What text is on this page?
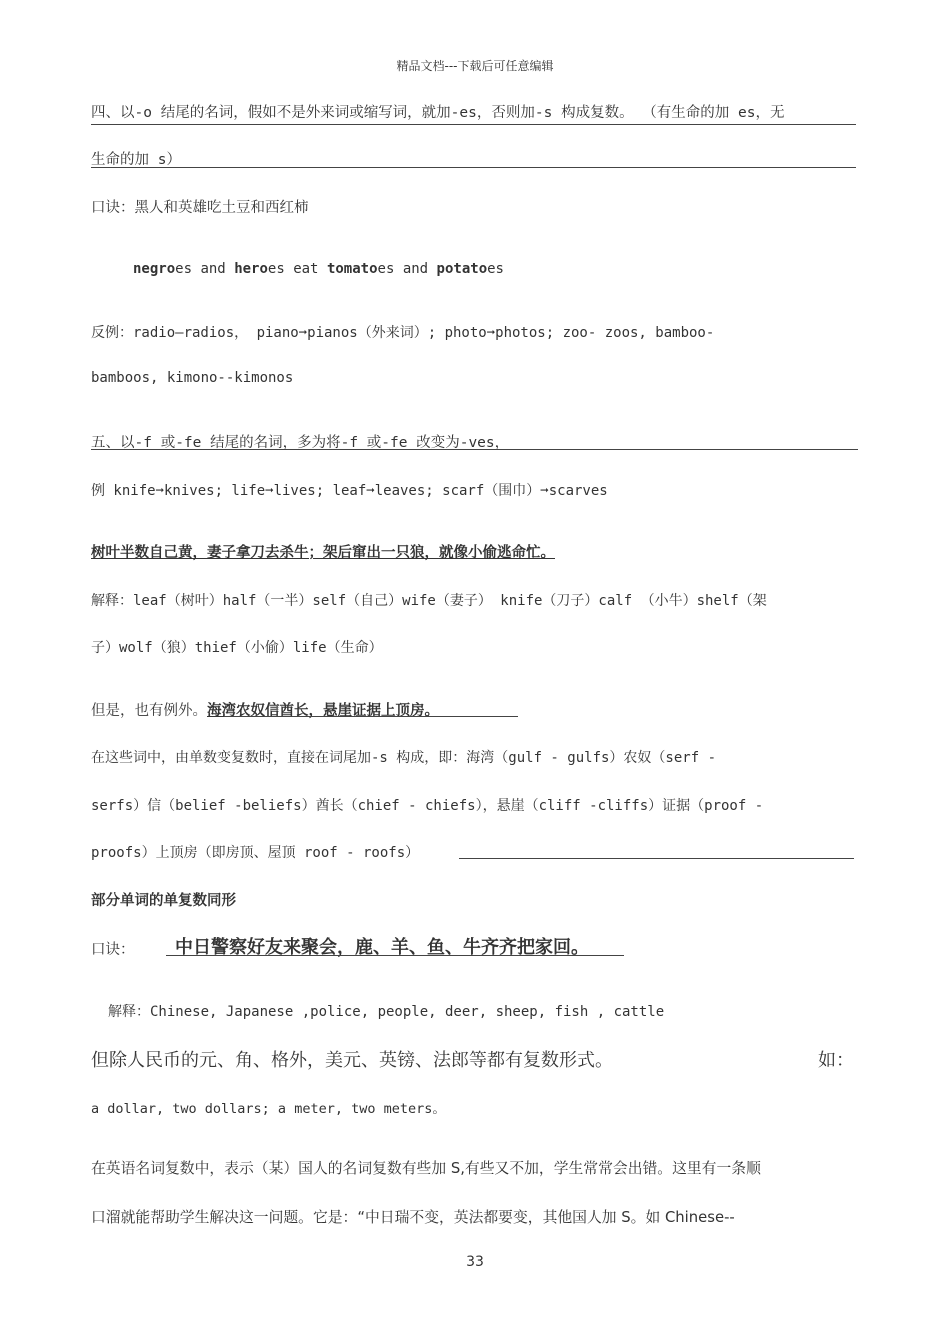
精品文档---下载后可任意编辑
四、以-o 结尾的名词，假如不是外来词或缩写词，就加-es，否则加-s 构成复数。 （有生命的加 es，无
生命的加 s）
口诀：黑人和英雄吃土豆和西红柿
negroes and heroes eat tomatoes and potatoes
反例：radio—radios， piano➞pianos（外来词）; photo➞photos; zoo- zoos, bamboo-
bamboos, kimono--kimonos
五、以-f 或-fe 结尾的名词，多为将-f 或-fe 改变为-ves，
例 knife➞knives; life➞lives; leaf➞leaves; scarf（围巾）➞scarves
树叶半数自己黄，妻子拿刀去杀牛；架后窜出一只狼，就像小偷逃命忙。
解释：leaf（树叶）half（一半）self（自己）wife（妻子） knife（刀子）calf （小牛）shelf（架
子）wolf（狼）thief（小偷）life（生命）
但是，也有例外。海湾农奴信酋长，悬崖证据上顶房。
在这些词中，由单数变复数时，直接在词尾加-s 构成，即：海湾（gulf - gulfs）农奴（serf -
serfs）信（belief -beliefs）酋长（chief - chiefs），悬崖（cliff -cliffs）证据（proof -
proofs）上顶房（即房顶、屋顶 roof - roofs）
部分单词的单复数同形
口诀： 中日警察好友来聚会，鹿、羊、鱼、牛齐齐把家回。
解释：Chinese, Japanese ,police, people, deer, sheep, fish , cattle
但除人民币的元、角、格外，美元、英镑、法郎等都有复数形式。	如：
a dollar, two dollars; a meter, two meters。
在英语名词复数中，表示（某）国人的名词复数有些加 S,有些又不加，学生常常会出错。这里有一条顺
口溜就能帮助学生解决这一问题。它是：“中日瑞不变，英法都要变，其他国人加 S。如 Chinese--
33
